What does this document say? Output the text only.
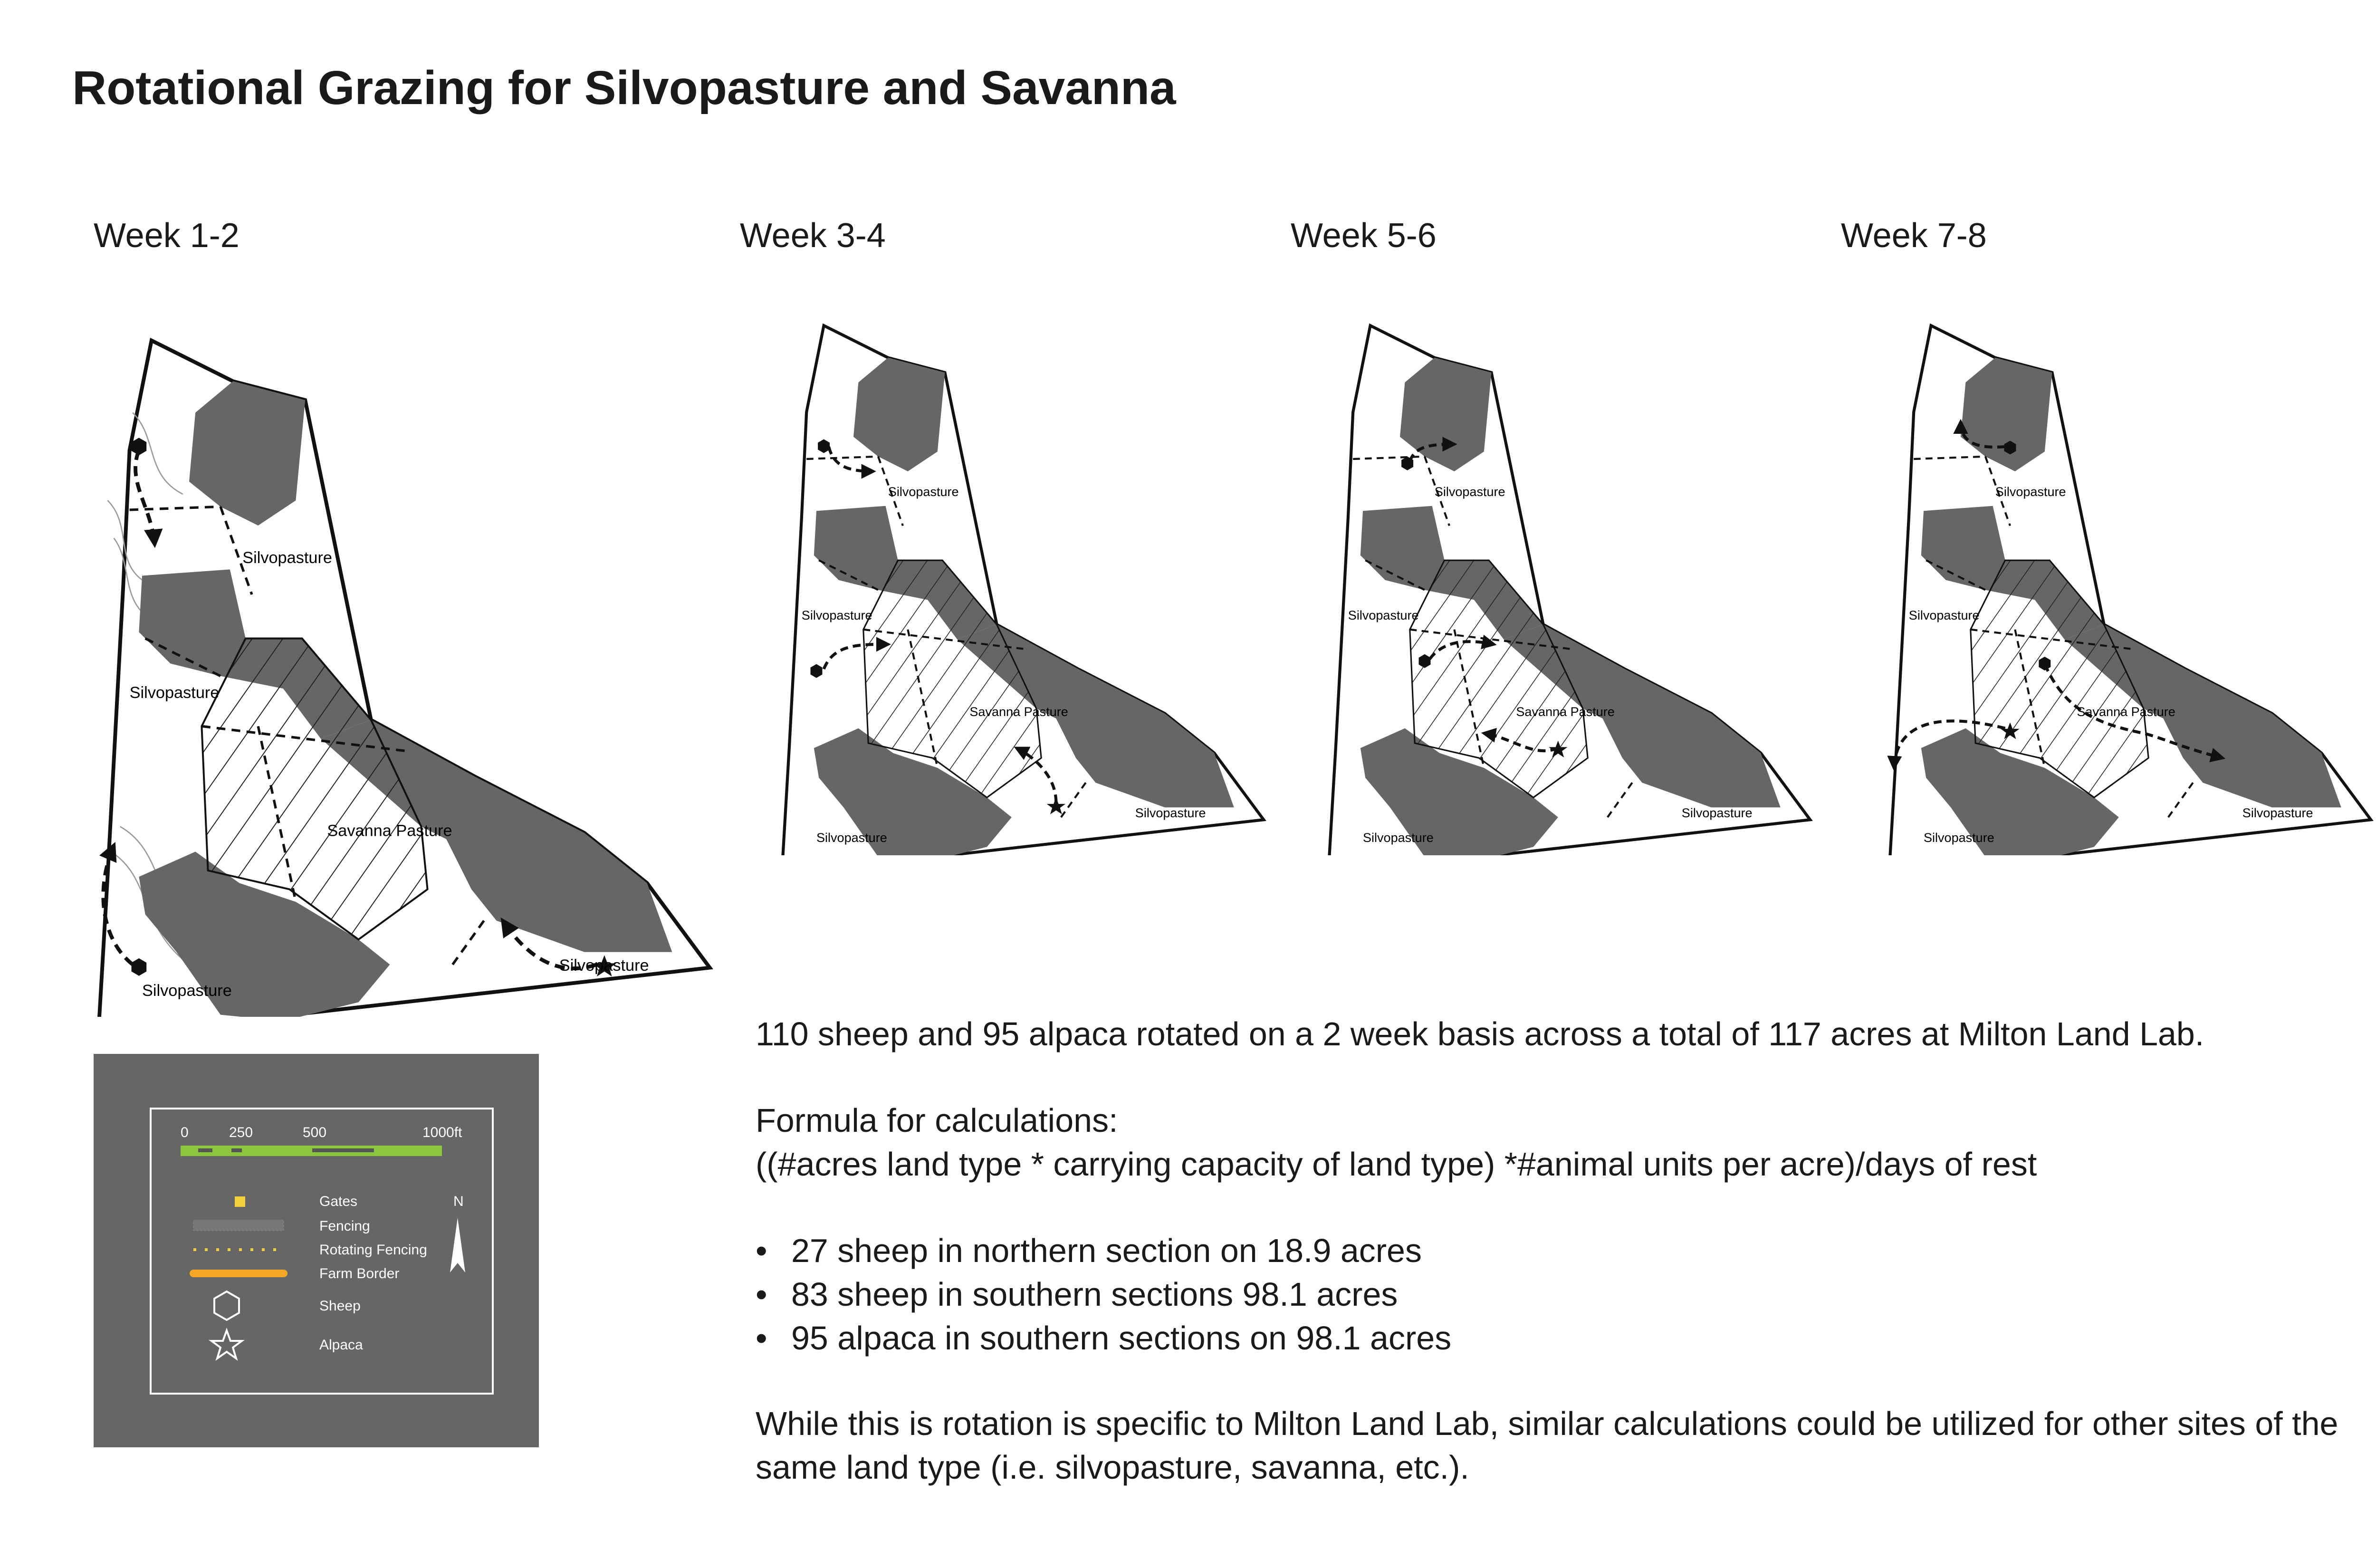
Rotational Grazing for Silvopasture and Savanna
Week 1-2	Week 3-4	Week 5-6	Week 7-8
Silvopasture
Silvopasture
Savanna Pasture
Silvopasture
Silvopasture
Silvopasture
Silvopasture
Savanna Pasture
Silvopasture
Silvopasture
Silvopasture
Silvopasture
Savanna Pasture
Silvopasture
Silvopasture
Silvopasture
Silvopasture
Savanna Pasture
Silvopasture
Silvopasture
0	250	500	1000ft
Gates
Fencing
Rotating Fencing
Farm Border
Sheep
Alpaca
N
110 sheep and 95 alpaca rotated on a 2 week basis across a total of 117 acres at Milton Land Lab.
Formula for calculations:
((#acres land type * carrying capacity of land type) *#animal units per acre)/days of rest
• 27 sheep in northern section on 18.9 acres
• 83 sheep in southern sections 98.1 acres
• 95 alpaca in southern sections on 98.1 acres
While this is rotation is specific to Milton Land Lab, similar calculations could be utilized for other sites of the same land type (i.e. silvopasture, savanna, etc.).
